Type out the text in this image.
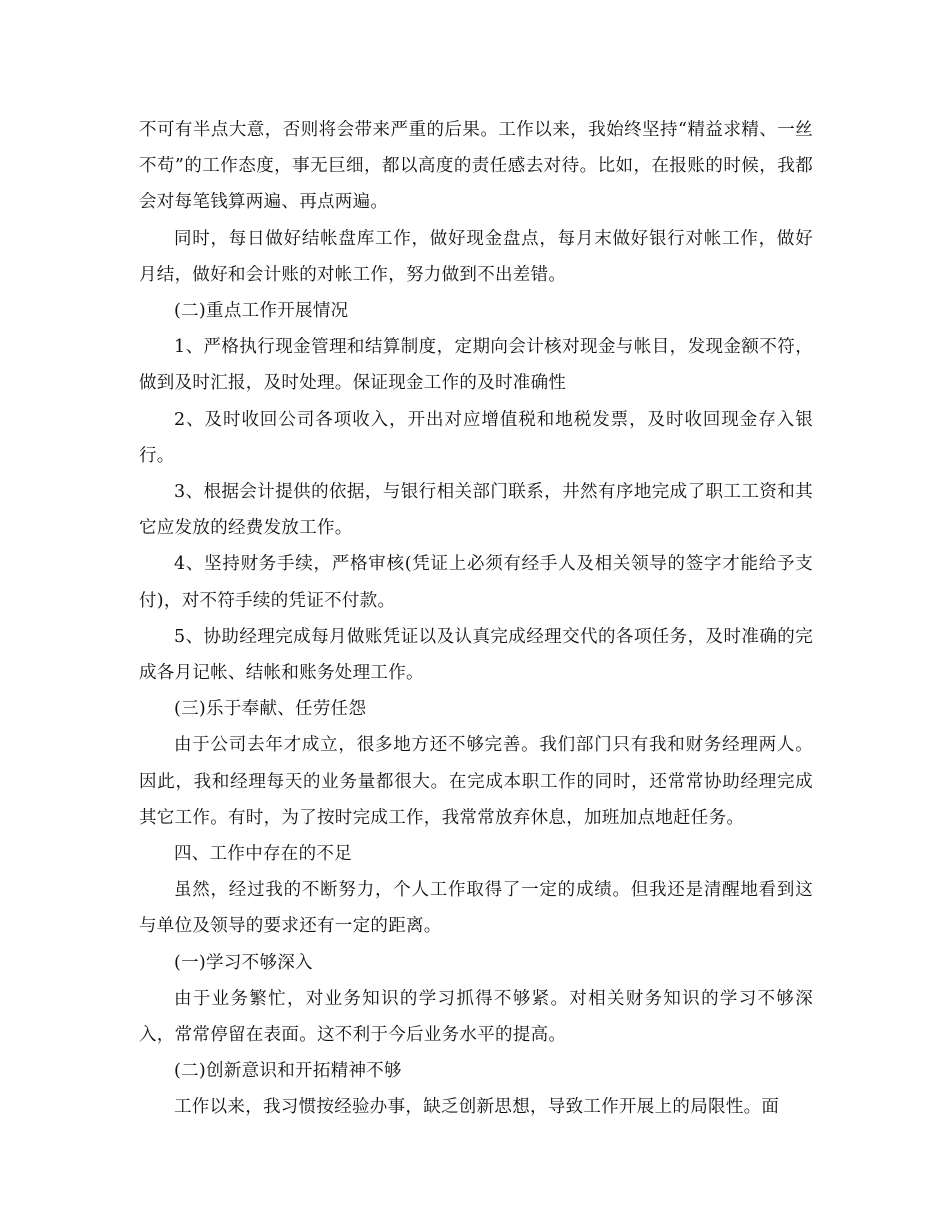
不可有半点大意，否则将会带来严重的后果。工作以来，我始终坚持“精益求精、一丝不苟”的工作态度，事无巨细，都以高度的责任感去对待。比如，在报账的时候，我都会对每笔钱算两遍、再点两遍。

同时，每日做好结帐盘库工作，做好现金盘点，每月末做好银行对帐工作，做好月结，做好和会计账的对帐工作，努力做到不出差错。

(二)重点工作开展情况

1、严格执行现金管理和结算制度，定期向会计核对现金与帐目，发现金额不符，做到及时汇报，及时处理。保证现金工作的及时准确性

2、及时收回公司各项收入，开出对应增值税和地税发票，及时收回现金存入银行。

3、根据会计提供的依据，与银行相关部门联系，井然有序地完成了职工工资和其它应发放的经费发放工作。

4、坚持财务手续，严格审核(凭证上必须有经手人及相关领导的签字才能给予支付)，对不符手续的凭证不付款。

5、协助经理完成每月做账凭证以及认真完成经理交代的各项任务，及时准确的完成各月记帐、结帐和账务处理工作。

(三)乐于奉献、任劳任怨

由于公司去年才成立，很多地方还不够完善。我们部门只有我和财务经理两人。因此，我和经理每天的业务量都很大。在完成本职工作的同时，还常常协助经理完成其它工作。有时，为了按时完成工作，我常常放弃休息，加班加点地赶任务。

四、工作中存在的不足

虽然，经过我的不断努力，个人工作取得了一定的成绩。但我还是清醒地看到这与单位及领导的要求还有一定的距离。

(一)学习不够深入

由于业务繁忙，对业务知识的学习抓得不够紧。对相关财务知识的学习不够深入，常常停留在表面。这不利于今后业务水平的提高。

(二)创新意识和开拓精神不够

工作以来，我习惯按经验办事，缺乏创新思想，导致工作开展上的局限性。面
